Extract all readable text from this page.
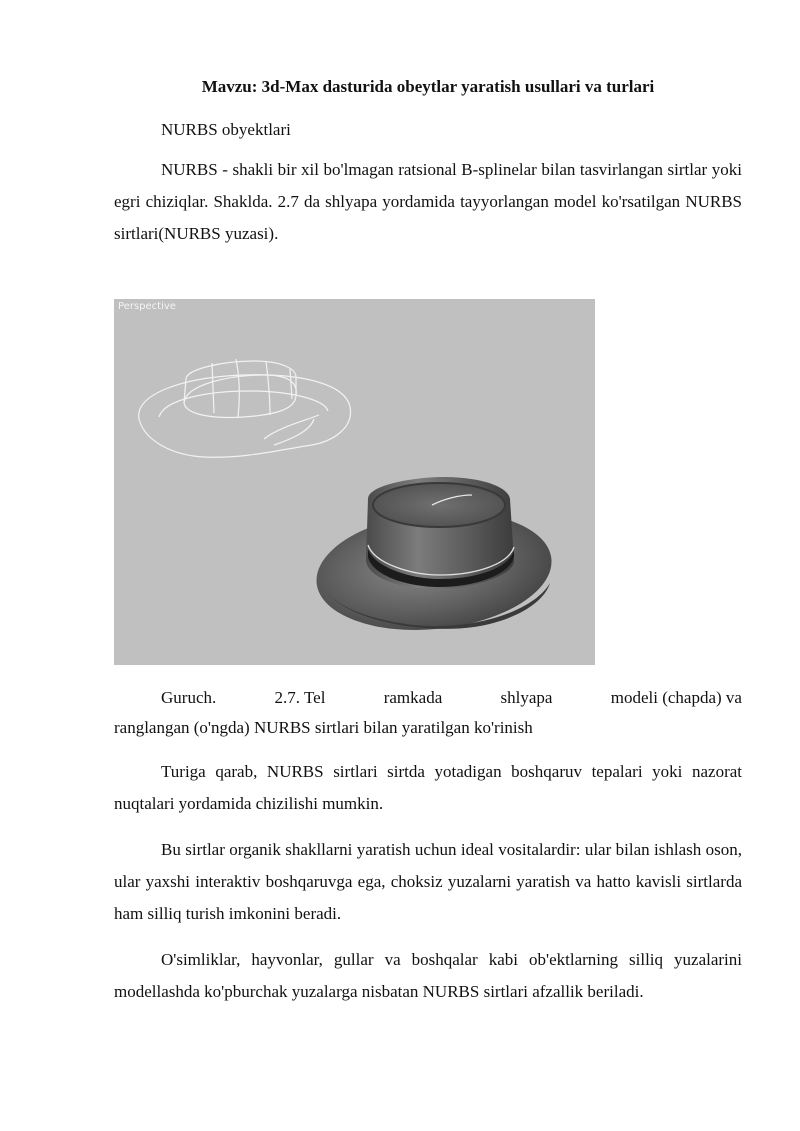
Mavzu: 3d-Max dasturida obeytlar yaratish usullari va turlari
NURBS obyektlari
NURBS - shakli bir xil bo'lmagan ratsional B-splinelar bilan tasvirlangan sirtlar yoki egri chiziqlar. Shaklda. 2.7 da shlyapa yordamida tayyorlangan model ko'rsatilgan NURBS sirtlari(NURBS yuzasi).
Perspective
Guruch.	2.7. Tel	ramkada	shlyapa	modeli (chapda) va
ranglangan (o'ngda) NURBS sirtlari bilan yaratilgan ko'rinish
Turiga qarab, NURBS sirtlari sirtda yotadigan boshqaruv tepalari yoki nazorat nuqtalari yordamida chizilishi mumkin.
Bu sirtlar organik shakllarni yaratish uchun ideal vositalardir: ular bilan ishlash oson, ular yaxshi interaktiv boshqaruvga ega, choksiz yuzalarni yaratish va hatto kavisli sirtlarda ham silliq turish imkonini beradi.
O'simliklar, hayvonlar, gullar va boshqalar kabi ob'ektlarning silliq yuzalarini modellashda ko'pburchak yuzalarga nisbatan NURBS sirtlari afzallik beriladi.
